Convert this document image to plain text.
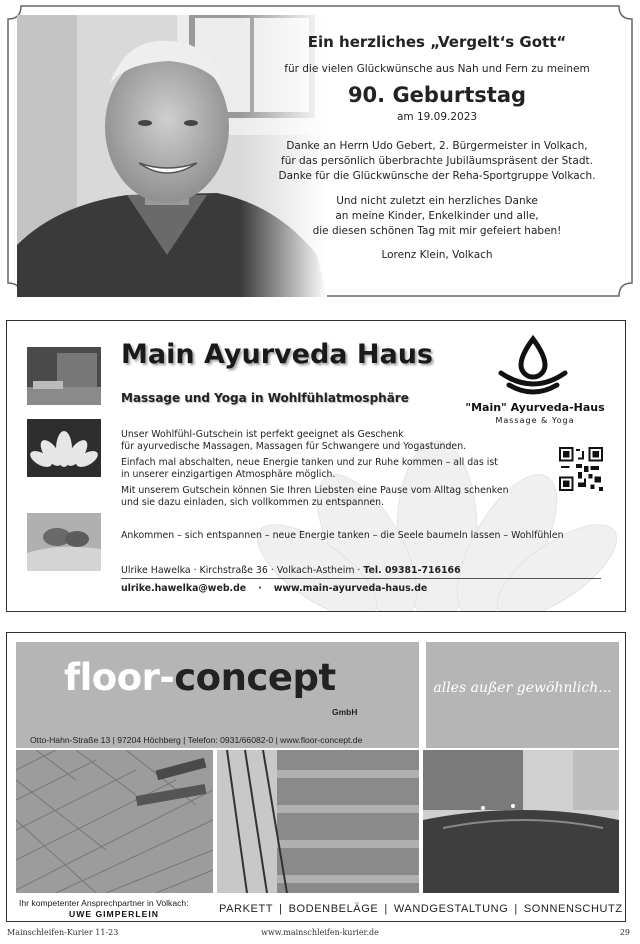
Ein herzliches „Vergelt‘s Gott“

für die vielen Glückwünsche aus Nah und Fern zu meinem

90. Geburtstag

am 19.09.2023

Danke an Herrn Udo Gebert, 2. Bürgermeister in Volkach,
für das persönlich überbrachte Jubiläumspräsent der Stadt.
Danke für die Glückwünsche der Reha-Sportgruppe Volkach.

Und nicht zuletzt ein herzliches Danke
an meine Kinder, Enkelkinder und alle,
die diesen schönen Tag mit mir gefeiert haben!

Lorenz Klein, Volkach
Main Ayurveda Haus
Massage und Yoga in Wohlfühlatmosphäre
"Main" Ayurveda-Haus
Massage & Yoga

Unser Wohlfühl-Gutschein ist perfekt geeignet als Geschenk
für ayurvedische Massagen, Massagen für Schwangere und Yogastunden.

Einfach mal abschalten, neue Energie tanken und zur Ruhe kommen – all das ist
in unserer einzigartigen Atmosphäre möglich.

Mit unserem Gutschein können Sie Ihren Liebsten eine Pause vom Alltag schenken
und sie dazu einladen, sich vollkommen zu entspannen.

Ankommen – sich entspannen – neue Energie tanken – die Seele baumeln lassen – Wohlfühlen
Ulrike Hawelka · Kirchstraße 36 · Volkach-Astheim · Tel. 09381-716166
ulrike.hawelka@web.de · www.main-ayurveda-haus.de
floor-concept
GmbH
Otto-Hahn-Straße 13 | 97204 Höchberg | Telefon: 0931/66082-0 | www.floor-concept.de
alles außer gewöhnlich...
Ihr kompetenter Ansprechpartner in Volkach:
UWE GIMPERLEIN	PARKETT | BODENBELÄGE | WANDGESTALTUNG | SONNENSCHUTZ
Mainschleifen-Kurier 11-23	www.mainschleifen-kurier.de	29
